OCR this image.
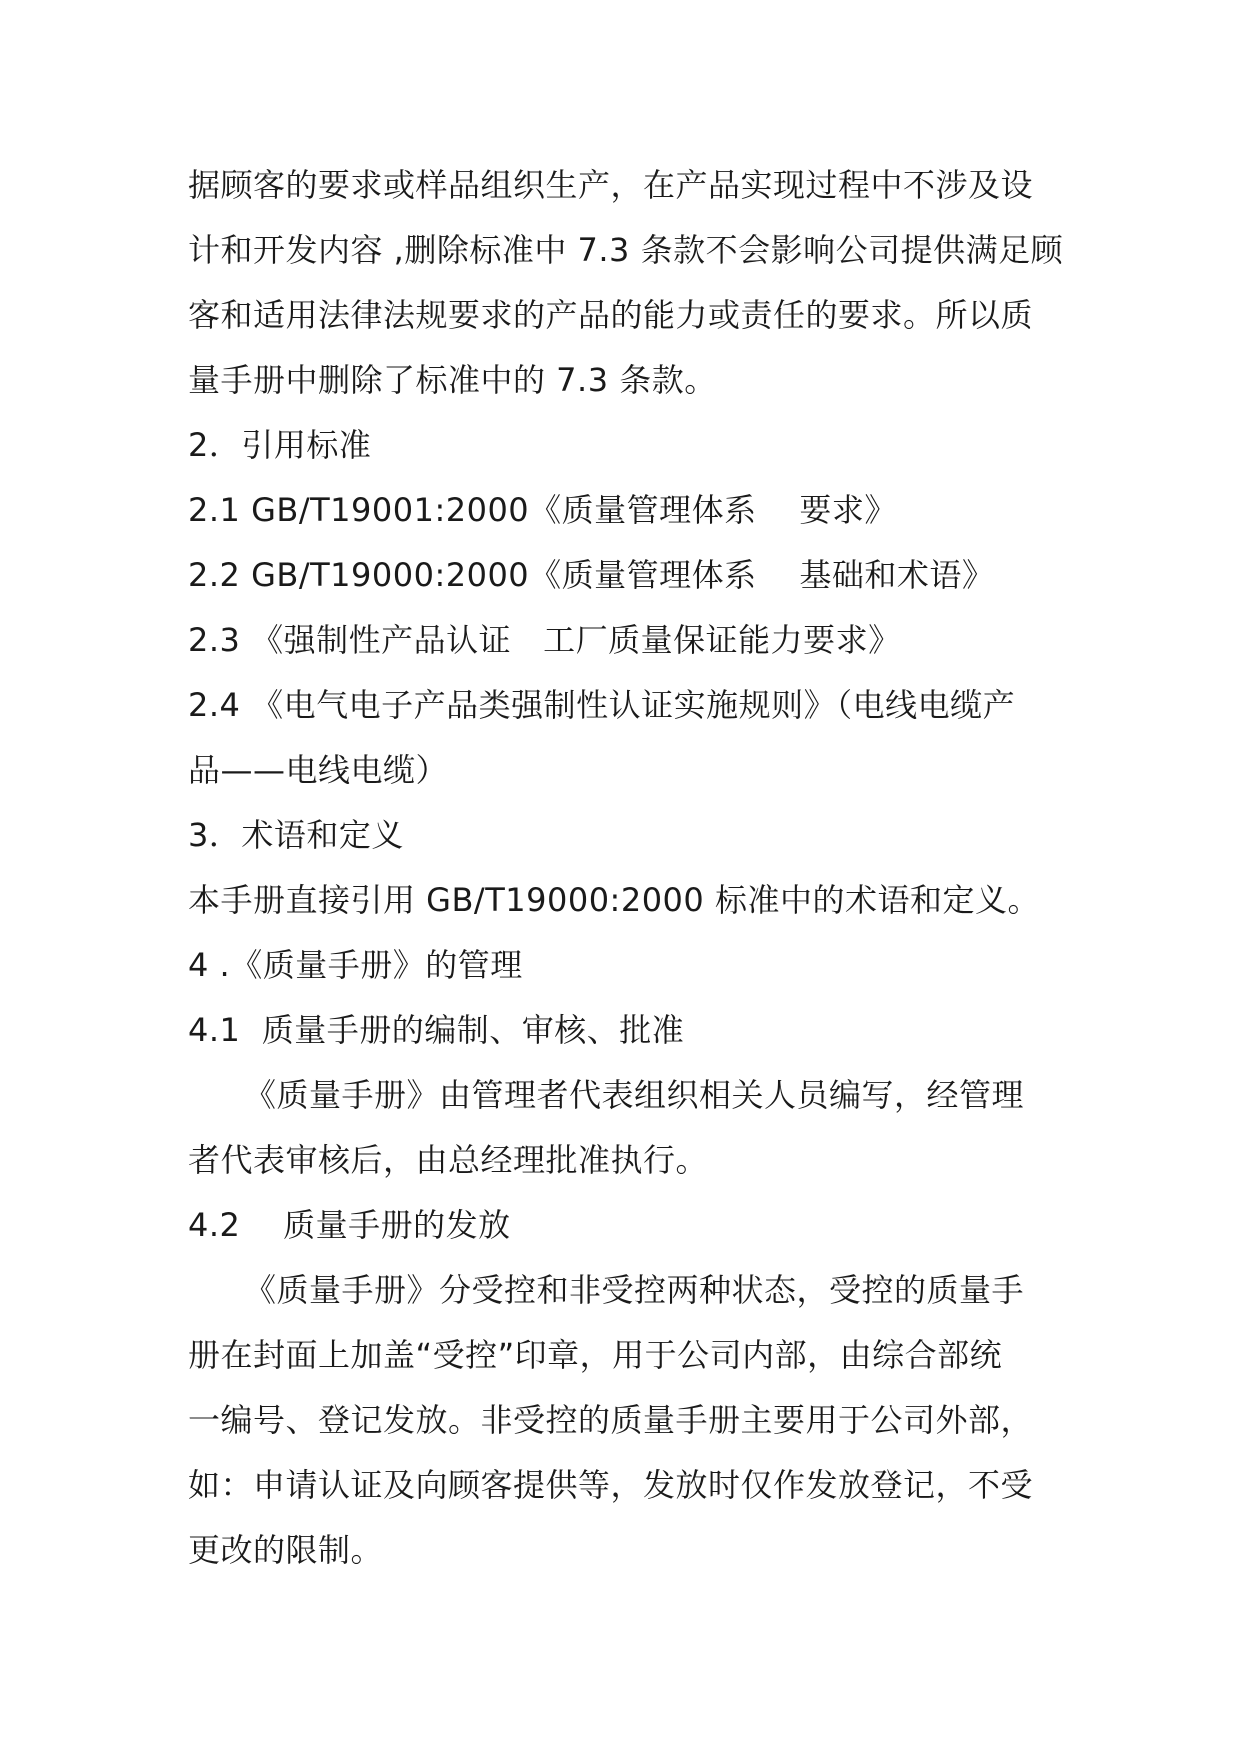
据顾客的要求或样品组织生产，在产品实现过程中不涉及设
计和开发内容 ,删除标准中 7.3 条款不会影响公司提供满足顾
客和适用法律法规要求的产品的能力或责任的要求。所以质
量手册中删除了标准中的 7.3 条款。
2．引用标准
2.1 GB/T19001:2000《质量管理体系    要求》
2.2 GB/T19000:2000《质量管理体系    基础和术语》
2.3 《强制性产品认证   工厂质量保证能力要求》
2.4 《电气电子产品类强制性认证实施规则》（电线电缆产
品——电线电缆）
3．术语和定义
本手册直接引用 GB/T19000:2000 标准中的术语和定义。
4 .《质量手册》的管理
4.1  质量手册的编制、审核、批准
《质量手册》由管理者代表组织相关人员编写，经管理
者代表审核后，由总经理批准执行。
4.2    质量手册的发放
《质量手册》分受控和非受控两种状态，受控的质量手
册在封面上加盖“受控”印章，用于公司内部，由综合部统
一编号、登记发放。非受控的质量手册主要用于公司外部，
如：申请认证及向顾客提供等，发放时仅作发放登记，不受
更改的限制。
